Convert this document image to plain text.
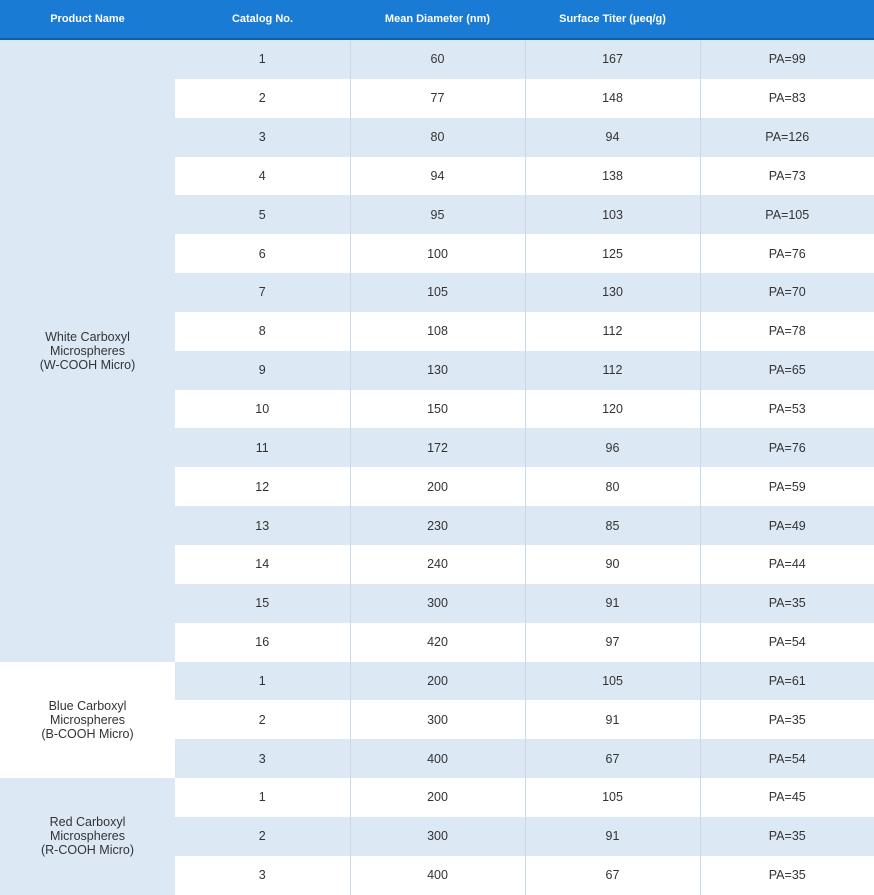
Product Name	Catalog No.	Mean Diameter (nm)	Surface Titer (μeq/g)	

White Carboxyl
Microspheres
(W-COOH Micro)	1	60	167	PA=99
	2	77	148	PA=83
	3	80	94	PA=126
	4	94	138	PA=73
	5	95	103	PA=105
	6	100	125	PA=76
	7	105	130	PA=70
	8	108	112	PA=78
	9	130	112	PA=65
	10	150	120	PA=53
	11	172	96	PA=76
	12	200	80	PA=59
	13	230	85	PA=49
	14	240	90	PA=44
	15	300	91	PA=35
	16	420	97	PA=54

Blue Carboxyl
Microspheres
(B-COOH Micro)	1	200	105	PA=61
	2	300	91	PA=35
	3	400	67	PA=54

Red Carboxyl
Microspheres
(R-COOH Micro)	1	200	105	PA=45
	2	300	91	PA=35
	3	400	67	PA=35
